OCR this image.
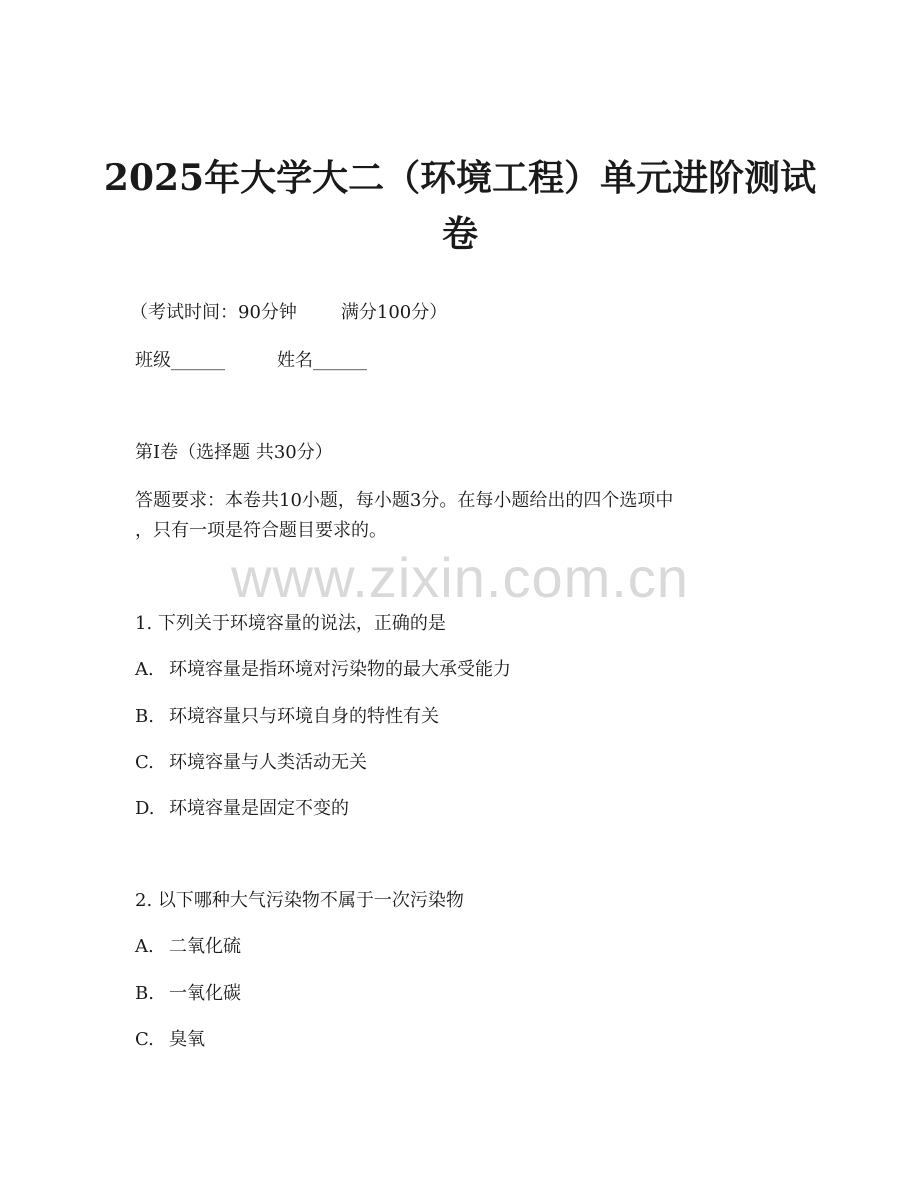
2025年大学大二（环境工程）单元进阶测试
卷
（考试时间：90分钟 满分100分）
班级______	姓名______
第I卷（选择题 共30分）
答题要求：本卷共10小题，每小题3分。在每小题给出的四个选项中
，只有一项是符合题目要求的。
www.zixin.com.cn
1. 下列关于环境容量的说法，正确的是
A. 环境容量是指环境对污染物的最大承受能力
B. 环境容量只与环境自身的特性有关
C. 环境容量与人类活动无关
D. 环境容量是固定不变的
2. 以下哪种大气污染物不属于一次污染物
A. 二氧化硫
B. 一氧化碳
C. 臭氧
